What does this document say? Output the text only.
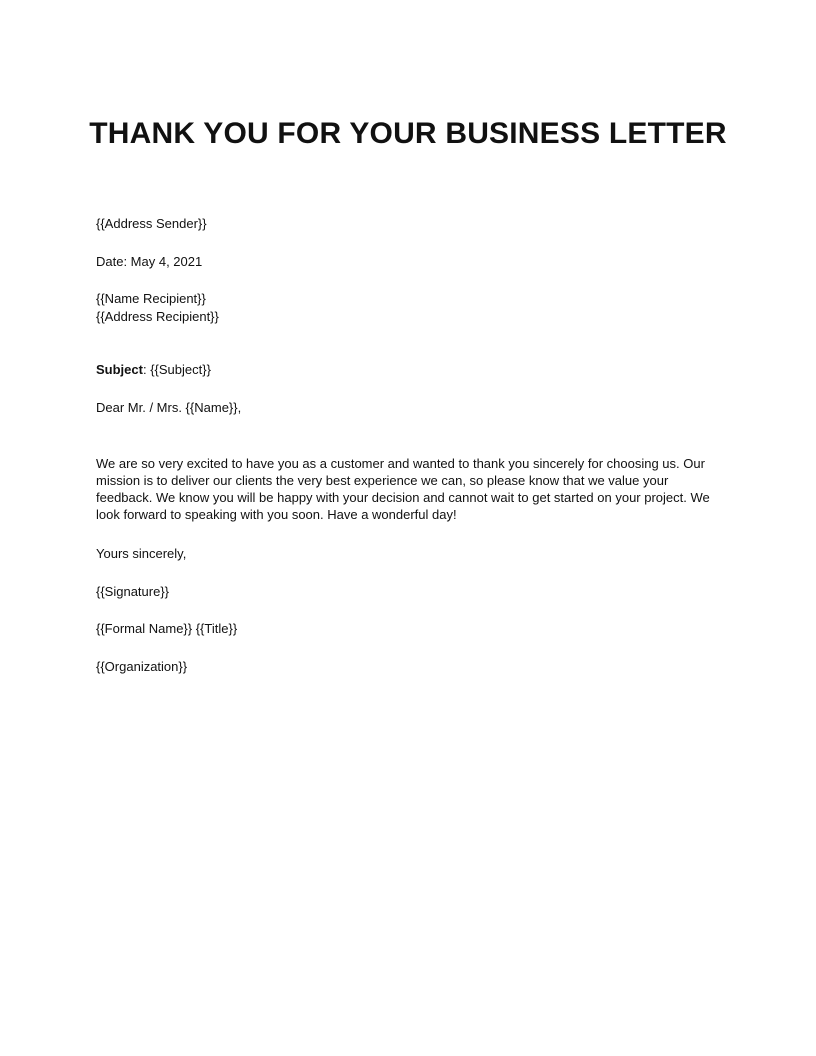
THANK YOU FOR YOUR BUSINESS LETTER

{{Address Sender}}

Date: May 4, 2021

{{Name Recipient}}

{{Address Recipient}}

Subject: {{Subject}}

Dear Mr. / Mrs. {{Name}},

We are so very excited to have you as a customer and wanted to thank you sincerely for choosing us. Our mission is to deliver our clients the very best experience we can, so please know that we value your feedback. We know you will be happy with your decision and cannot wait to get started on your project. We look forward to speaking with you soon. Have a wonderful day!

Yours sincerely,

{{Signature}}

{{Formal Name}} {{Title}}

{{Organization}}
